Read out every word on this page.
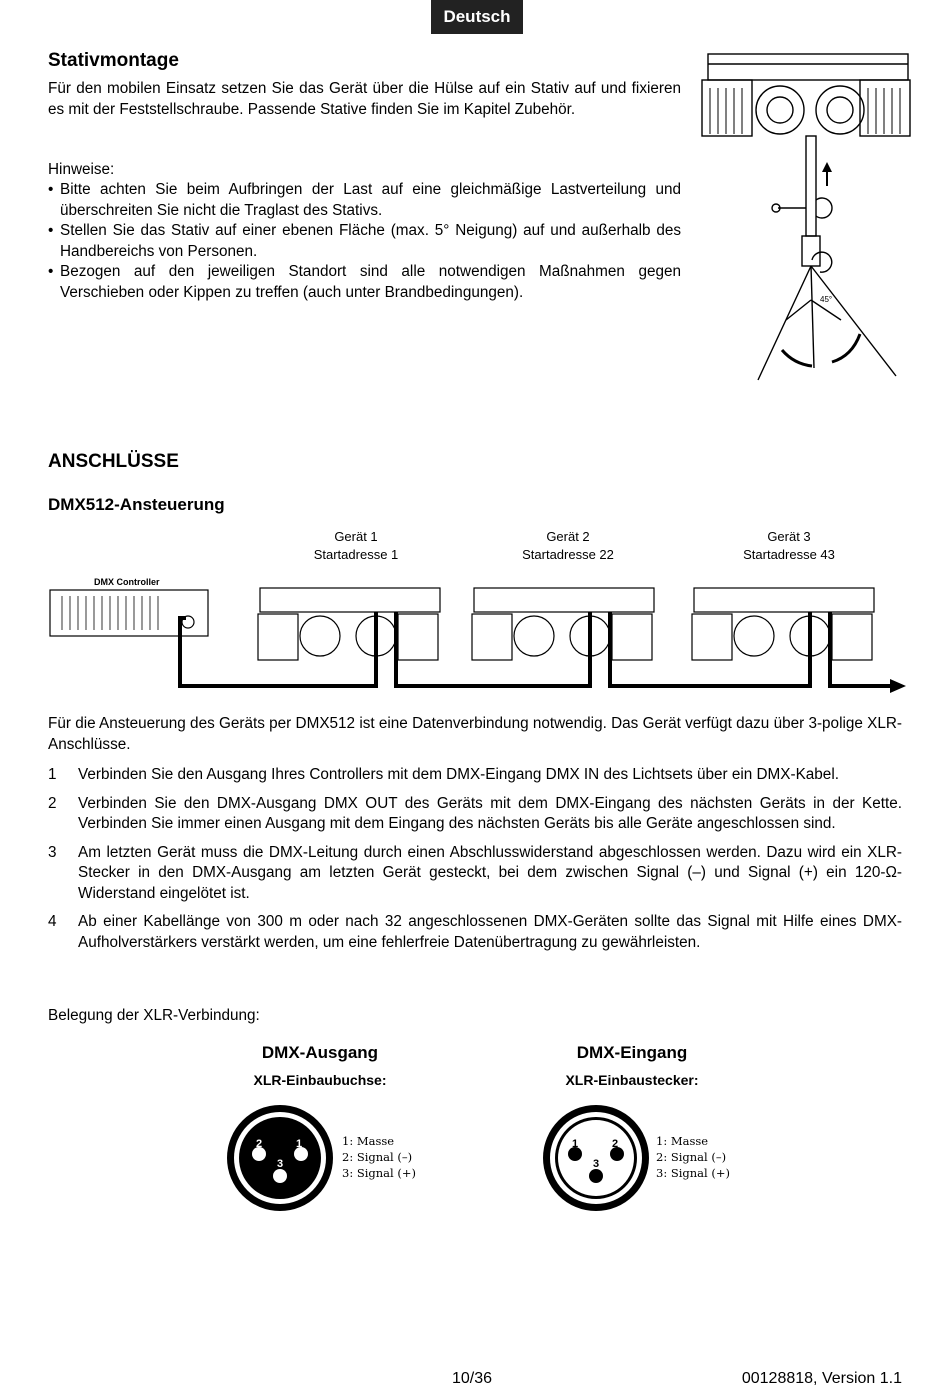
Deutsch
Stativmontage
Für den mobilen Einsatz setzen Sie das Gerät über die Hülse auf ein Stativ auf und fixieren es mit der Feststellschraube. Passende Stative finden Sie im Kapitel Zubehör.
Hinweise:
• Bitte achten Sie beim Aufbringen der Last auf eine gleichmäßige Lastverteilung und überschreiten Sie nicht die Traglast des Stativs.
• Stellen Sie das Stativ auf einer ebenen Fläche (max. 5° Neigung) auf und außerhalb des Handbereichs von Personen.
• Bezogen auf den jeweiligen Standort sind alle notwendigen Maßnahmen gegen Verschieben oder Kippen zu treffen (auch unter Brandbedingungen).	45°
ANSCHLÜSSE
DMX512-Ansteuerung
Gerät 1
Startadresse 1
Gerät 2
Startadresse 22
Gerät 3
Startadresse 43
DMX Controller
Für die Ansteuerung des Geräts per DMX512 ist eine Datenverbindung notwendig. Das Gerät verfügt dazu über 3-polige XLR-Anschlüsse.
1 Verbinden Sie den Ausgang Ihres Controllers mit dem DMX-Eingang DMX IN des Lichtsets über ein DMX-Kabel.
2 Verbinden Sie den DMX-Ausgang DMX OUT des Geräts mit dem DMX-Eingang des nächsten Geräts in der Kette. Verbinden Sie immer einen Ausgang mit dem Eingang des nächsten Geräts bis alle Geräte angeschlossen sind.
3 Am letzten Gerät muss die DMX-Leitung durch einen Abschlusswiderstand abgeschlossen werden. Dazu wird ein XLR-Stecker in den DMX-Ausgang am letzten Gerät gesteckt, bei dem zwischen Signal (–) und Signal (+) ein 120-Ω-Widerstand eingelötet ist.
4 Ab einer Kabellänge von 300 m oder nach 32 angeschlossenen DMX-Geräten sollte das Signal mit Hilfe eines DMX-Aufholverstärkers verstärkt werden, um eine fehlerfreie Datenübertragung zu gewährleisten.
Belegung der XLR-Verbindung:
DMX-Ausgang
XLR-Einbaubuchse:
2	1
3
1: Masse
2: Signal (–)
3: Signal (+)
DMX-Eingang
XLR-Einbaustecker:
1	2
3
1: Masse
2: Signal (–)
3: Signal (+)
10/36	00128818, Version 1.1
